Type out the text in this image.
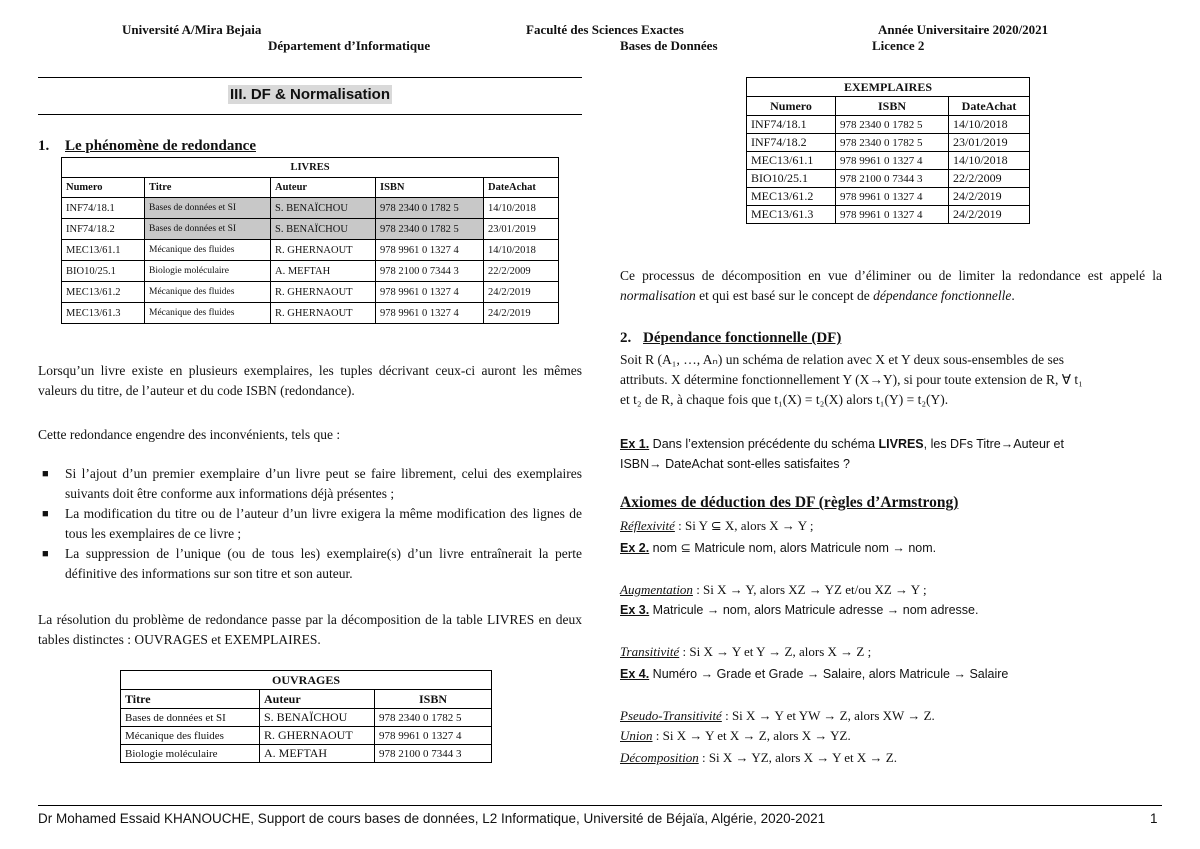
Université A/Mira Bejaia
Département d’Informatique
Faculté des Sciences Exactes
Bases de Données
Année Universitaire 2020/2021
Licence 2
III. DF & Normalisation
1. Le phénomène de redondance
LIVRES				
Numero	Titre	Auteur	ISBN	DateAchat
INF74/18.1	Bases de données et SI	S. BENAÏCHOU	978 2340 0 1782 5	14/10/2018
INF74/18.2	Bases de données et SI	S. BENAÏCHOU	978 2340 0 1782 5	23/01/2019
MEC13/61.1	Mécanique des fluides	R. GHERNAOUT	978 9961 0 1327 4	14/10/2018
BIO10/25.1	Biologie moléculaire	A. MEFTAH	978 2100 0 7344 3	22/2/2009
MEC13/61.2	Mécanique des fluides	R. GHERNAOUT	978 9961 0 1327 4	24/2/2019
MEC13/61.3	Mécanique des fluides	R. GHERNAOUT	978 9961 0 1327 4	24/2/2019

Lorsqu’un livre existe en plusieurs exemplaires, les tuples décrivant ceux-ci auront les mêmes valeurs du titre, de l’auteur et du code ISBN (redondance).

Cette redondance engendre des inconvénients, tels que :

■ Si l’ajout d’un premier exemplaire d’un livre peut se faire librement, celui des exemplaires suivants doit être conforme aux informations déjà présentes ;
■ La modification du titre ou de l’auteur d’un livre exigera la même modification des lignes de tous les exemplaires de ce livre ;
■ La suppression de l’unique (ou de tous les) exemplaire(s) d’un livre entraînerait la perte définitive des informations sur son titre et son auteur.

La résolution du problème de redondance passe par la décomposition de la table LIVRES en deux tables distinctes : OUVRAGES et EXEMPLAIRES.

OUVRAGES		
Titre	Auteur	ISBN
Bases de données et SI	S. BENAÏCHOU	978 2340 0 1782 5
Mécanique des fluides	R. GHERNAOUT	978 9961 0 1327 4
Biologie moléculaire	A. MEFTAH	978 2100 0 7344 3
EXEMPLAIRES		
Numero	ISBN	DateAchat
INF74/18.1	978 2340 0 1782 5	14/10/2018
INF74/18.2	978 2340 0 1782 5	23/01/2019
MEC13/61.1	978 9961 0 1327 4	14/10/2018
BIO10/25.1	978 2100 0 7344 3	22/2/2009
MEC13/61.2	978 9961 0 1327 4	24/2/2019
MEC13/61.3	978 9961 0 1327 4	24/2/2019

Ce processus de décomposition en vue d’éliminer ou de limiter la redondance est appelé la normalisation et qui est basé sur le concept de dépendance fonctionnelle.

2. Dépendance fonctionnelle (DF)
Soit R (A₁, …, Aₙ) un schéma de relation avec X et Y deux sous-ensembles de ses
attributs. X détermine fonctionnellement Y (X→Y), si pour toute extension de R, ∀ t₁
et t₂ de R, à chaque fois que t₁(X) = t₂(X) alors t₁(Y) = t₂(Y).
Ex 1. Dans l’extension précédente du schéma LIVRES, les DFs Titre→Auteur et
ISBN→ DateAchat sont-elles satisfaites ?
Axiomes de déduction des DF (règles d’Armstrong)
Réflexivité : Si Y ⊆ X, alors X → Y ;
Ex 2. nom ⊆ Matricule nom, alors Matricule nom → nom.
Augmentation : Si X → Y, alors XZ → YZ et/ou XZ → Y ;
Ex 3. Matricule → nom, alors Matricule adresse → nom adresse.
Transitivité : Si X → Y et Y → Z, alors X → Z ;
Ex 4. Numéro → Grade et Grade → Salaire, alors Matricule → Salaire
Pseudo-Transitivité : Si X → Y et YW → Z, alors XW → Z.
Union : Si X → Y et X → Z, alors X → YZ.
Décomposition : Si X → YZ, alors X → Y et X → Z.
Dr Mohamed Essaid KHANOUCHE, Support de cours bases de données, L2 Informatique, Université de Béjaïa, Algérie, 2020-2021	1
